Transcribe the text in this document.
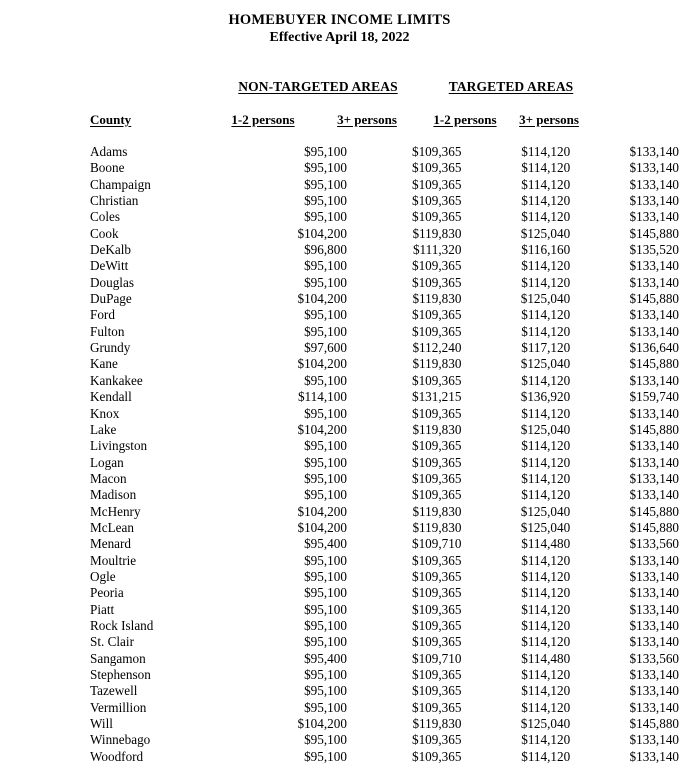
HOMEBUYER INCOME LIMITS
Effective April 18, 2022
NON-TARGETED AREAS	TARGETED AREAS
County	1-2 persons	3+ persons	1-2 persons	3+ persons
Adams	$95,100	$109,365	$114,120	$133,140
Boone	$95,100	$109,365	$114,120	$133,140
Champaign	$95,100	$109,365	$114,120	$133,140
Christian	$95,100	$109,365	$114,120	$133,140
Coles	$95,100	$109,365	$114,120	$133,140
Cook	$104,200	$119,830	$125,040	$145,880
DeKalb	$96,800	$111,320	$116,160	$135,520
DeWitt	$95,100	$109,365	$114,120	$133,140
Douglas	$95,100	$109,365	$114,120	$133,140
DuPage	$104,200	$119,830	$125,040	$145,880
Ford	$95,100	$109,365	$114,120	$133,140
Fulton	$95,100	$109,365	$114,120	$133,140
Grundy	$97,600	$112,240	$117,120	$136,640
Kane	$104,200	$119,830	$125,040	$145,880
Kankakee	$95,100	$109,365	$114,120	$133,140
Kendall	$114,100	$131,215	$136,920	$159,740
Knox	$95,100	$109,365	$114,120	$133,140
Lake	$104,200	$119,830	$125,040	$145,880
Livingston	$95,100	$109,365	$114,120	$133,140
Logan	$95,100	$109,365	$114,120	$133,140
Macon	$95,100	$109,365	$114,120	$133,140
Madison	$95,100	$109,365	$114,120	$133,140
McHenry	$104,200	$119,830	$125,040	$145,880
McLean	$104,200	$119,830	$125,040	$145,880
Menard	$95,400	$109,710	$114,480	$133,560
Moultrie	$95,100	$109,365	$114,120	$133,140
Ogle	$95,100	$109,365	$114,120	$133,140
Peoria	$95,100	$109,365	$114,120	$133,140
Piatt	$95,100	$109,365	$114,120	$133,140
Rock Island	$95,100	$109,365	$114,120	$133,140
St. Clair	$95,100	$109,365	$114,120	$133,140
Sangamon	$95,400	$109,710	$114,480	$133,560
Stephenson	$95,100	$109,365	$114,120	$133,140
Tazewell	$95,100	$109,365	$114,120	$133,140
Vermillion	$95,100	$109,365	$114,120	$133,140
Will	$104,200	$119,830	$125,040	$145,880
Winnebago	$95,100	$109,365	$114,120	$133,140
Woodford	$95,100	$109,365	$114,120	$133,140
